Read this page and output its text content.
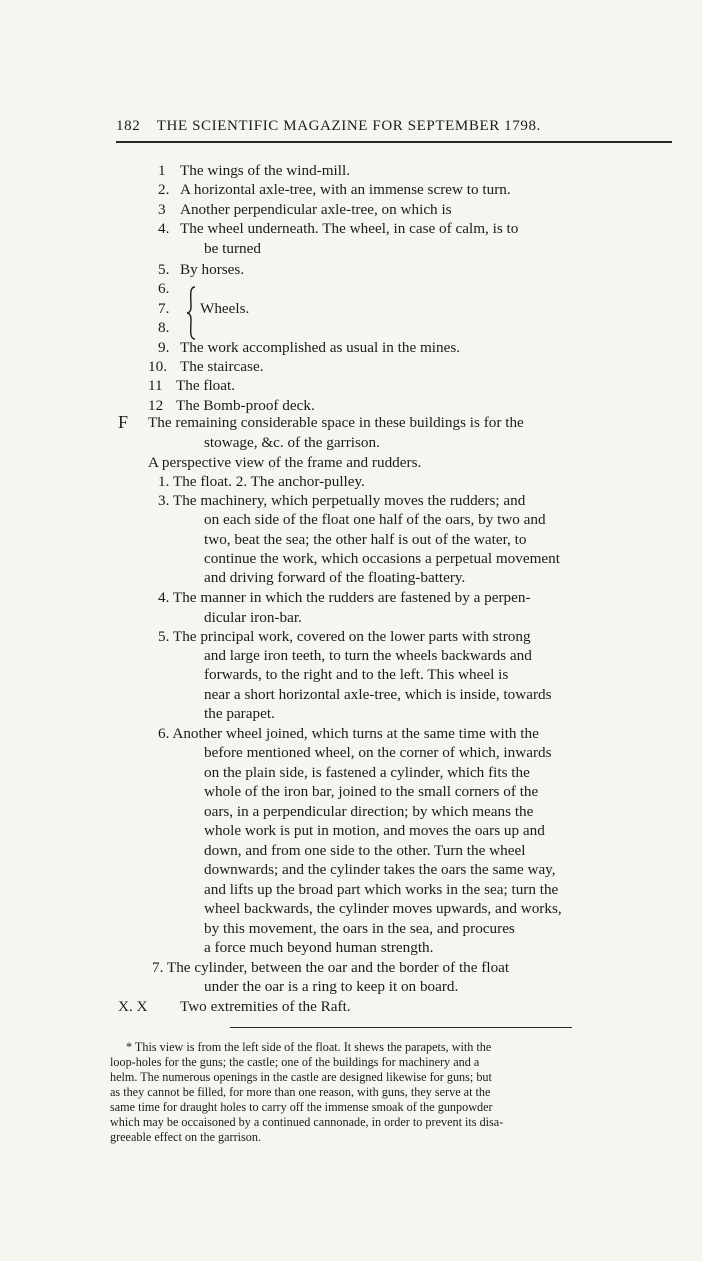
182 THE SCIENTIFIC MAGAZINE FOR SEPTEMBER 1798.
1 The wings of the wind-mill.
2. A horizontal axle-tree, with an immense screw to turn.
3 Another perpendicular axle-tree, on which is
4. The wheel underneath. The wheel, in case of calm, is to
be turned
5. By horses.
6.
7. Wheels.
8.
9. The work accomplished as usual in the mines.
10. The staircase.
11 The float.
12 The Bomb-proof deck.
F The remaining considerable space in these buildings is for the
stowage, &c. of the garrison.
A perspective view of the frame and rudders.
1. The float. 2. The anchor-pulley.
3. The machinery, which perpetually moves the rudders; and
on each side of the float one half of the oars, by two and
two, beat the sea; the other half is out of the water, to
continue the work, which occasions a perpetual movement
and driving forward of the floating-battery.
4. The manner in which the rudders are fastened by a perpen-
dicular iron-bar.
5. The principal work, covered on the lower parts with strong
and large iron teeth, to turn the wheels backwards and
forwards, to the right and to the left. This wheel is
near a short horizontal axle-tree, which is inside, towards
the parapet.
6. Another wheel joined, which turns at the same time with the
before mentioned wheel, on the corner of which, inwards
on the plain side, is fastened a cylinder, which fits the
whole of the iron bar, joined to the small corners of the
oars, in a perpendicular direction; by which means the
whole work is put in motion, and moves the oars up and
down, and from one side to the other. Turn the wheel
downwards; and the cylinder takes the oars the same way,
and lifts up the broad part which works in the sea; turn the
wheel backwards, the cylinder moves upwards, and works,
by this movement, the oars in the sea, and procures
a force much beyond human strength.
7. The cylinder, between the oar and the border of the float
under the oar is a ring to keep it on board.
X. X Two extremities of the Raft.
* This view is from the left side of the float. It shews the parapets, with the
loop-holes for the guns; the castle; one of the buildings for machinery and a
helm. The numerous openings in the castle are designed likewise for guns; but
as they cannot be filled, for more than one reason, with guns, they serve at the
same time for draught holes to carry off the immense smoak of the gunpowder
which may be occaisoned by a continued cannonade, in order to prevent its disa-
greeable effect on the garrison.
